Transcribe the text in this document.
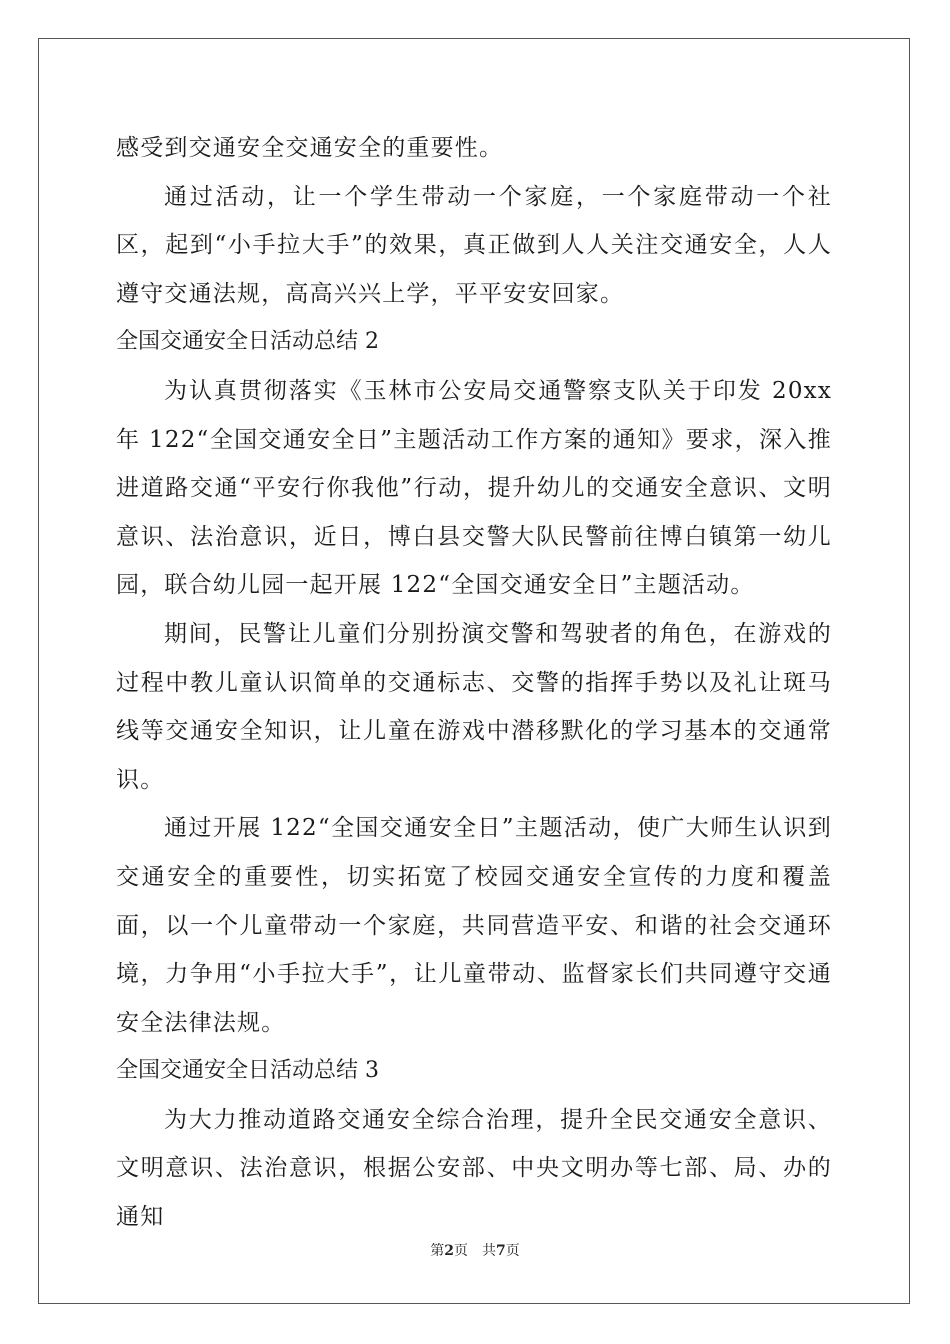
感受到交通安全交通安全的重要性。

通过活动，让一个学生带动一个家庭，一个家庭带动一个社区，起到“小手拉大手”的效果，真正做到人人关注交通安全，人人遵守交通法规，高高兴兴上学，平平安安回家。

全国交通安全日活动总结 2

为认真贯彻落实《玉林市公安局交通警察支队关于印发 20xx 年 122“全国交通安全日”主题活动工作方案的通知》要求，深入推进道路交通“平安行你我他”行动，提升幼儿的交通安全意识、文明意识、法治意识，近日，博白县交警大队民警前往博白镇第一幼儿园，联合幼儿园一起开展 122“全国交通安全日”主题活动。

期间，民警让儿童们分别扮演交警和驾驶者的角色，在游戏的过程中教儿童认识简单的交通标志、交警的指挥手势以及礼让斑马线等交通安全知识，让儿童在游戏中潜移默化的学习基本的交通常识。

通过开展 122“全国交通安全日”主题活动，使广大师生认识到交通安全的重要性，切实拓宽了校园交通安全宣传的力度和覆盖面，以一个儿童带动一个家庭，共同营造平安、和谐的社会交通环境，力争用“小手拉大手”，让儿童带动、监督家长们共同遵守交通安全法律法规。

全国交通安全日活动总结 3

为大力推动道路交通安全综合治理，提升全民交通安全意识、文明意识、法治意识，根据公安部、中央文明办等七部、局、办的通知

第2页 共7页
